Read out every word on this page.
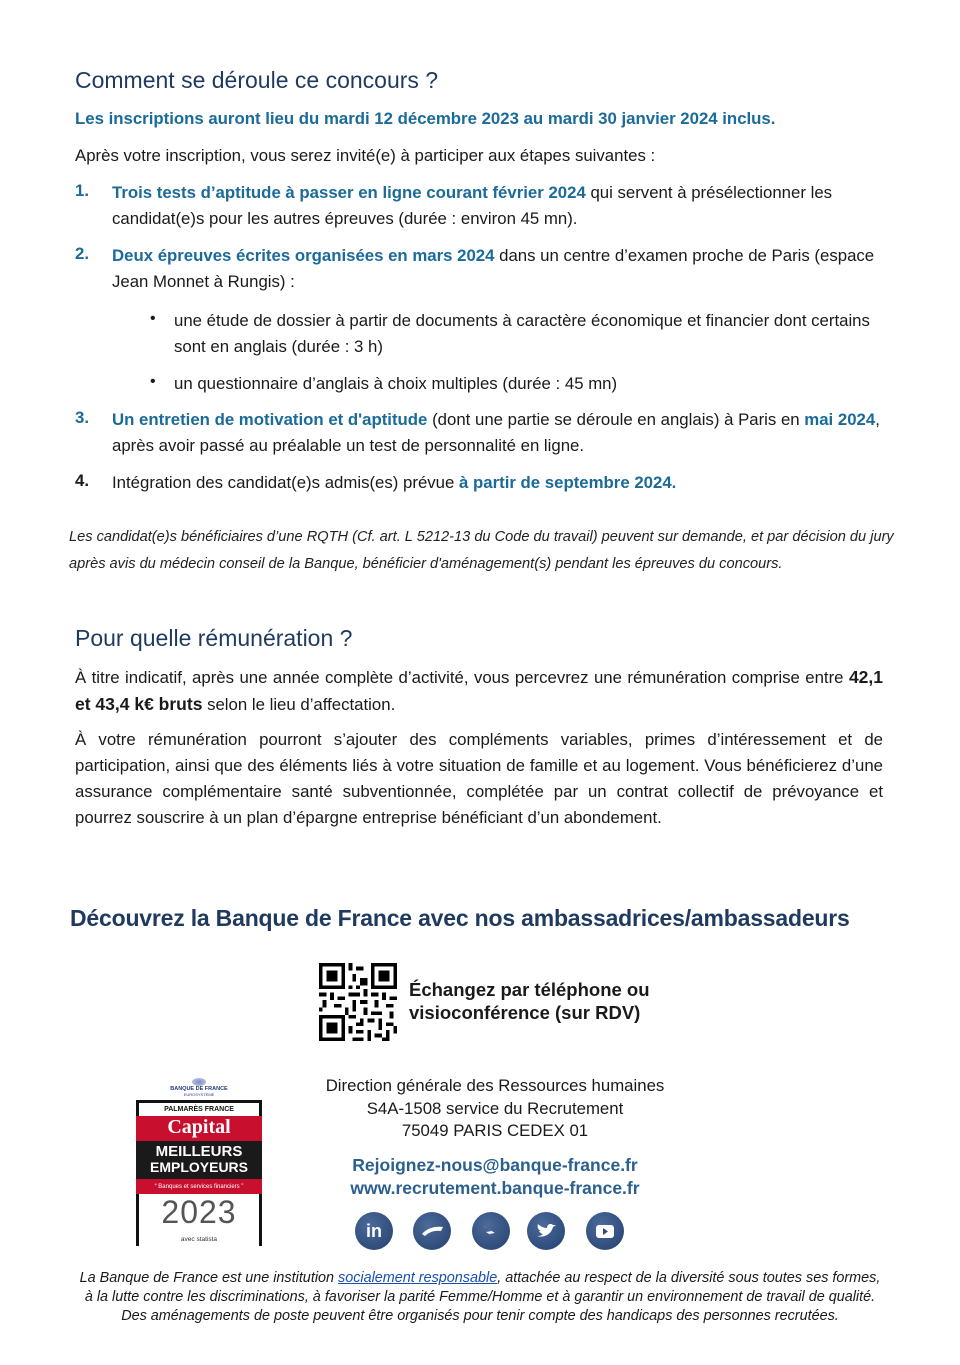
Comment se déroule ce concours ?
Les inscriptions auront lieu du mardi 12 décembre 2023 au mardi 30 janvier 2024 inclus.
Après votre inscription, vous serez invité(e) à participer aux étapes suivantes :
1. Trois tests d’aptitude à passer en ligne courant février 2024 qui servent à présélectionner les candidat(e)s pour les autres épreuves (durée : environ 45 mn).
2. Deux épreuves écrites organisées en mars 2024 dans un centre d’examen proche de Paris (espace Jean Monnet à Rungis) :
• une étude de dossier à partir de documents à caractère économique et financier dont certains sont en anglais (durée : 3 h)
• un questionnaire d’anglais à choix multiples (durée : 45 mn)
3. Un entretien de motivation et d'aptitude (dont une partie se déroule en anglais) à Paris en mai 2024, après avoir passé au préalable un test de personnalité en ligne.
4. Intégration des candidat(e)s admis(es) prévue à partir de septembre 2024.
Les candidat(e)s bénéficiaires d’une RQTH (Cf. art. L 5212-13 du Code du travail) peuvent sur demande, et par décision du jury après avis du médecin conseil de la Banque, bénéficier d'aménagement(s) pendant les épreuves du concours.
Pour quelle rémunération ?
À titre indicatif, après une année complète d’activité, vous percevrez une rémunération comprise entre 42,1 et 43,4 k€ bruts selon le lieu d’affectation.
À votre rémunération pourront s’ajouter des compléments variables, primes d’intéressement et de participation, ainsi que des éléments liés à votre situation de famille et au logement. Vous bénéficierez d’une assurance complémentaire santé subventionnée, complétée par un contrat collectif de prévoyance et pourrez souscrire à un plan d’épargne entreprise bénéficiant d’un abondement.
Découvrez la Banque de France avec nos ambassadrices/ambassadeurs
Échangez par téléphone ou
visioconférence (sur RDV)
BANQUE DE FRANCE
EUROSYSTÈME
PALMARÈS FRANCE
Capital
MEILLEURS
EMPLOYEURS
“ Banques et services financiers ”
2023
avec statista
Direction générale des Ressources humaines
S4A-1508 service du Recrutement
75049 PARIS CEDEX 01
Rejoignez-nous@banque-france.fr
www.recrutement.banque-france.fr
in
La Banque de France est une institution socialement responsable, attachée au respect de la diversité sous toutes ses formes,
à la lutte contre les discriminations, à favoriser la parité Femme/Homme et à garantir un environnement de travail de qualité.
Des aménagements de poste peuvent être organisés pour tenir compte des handicaps des personnes recrutées.
